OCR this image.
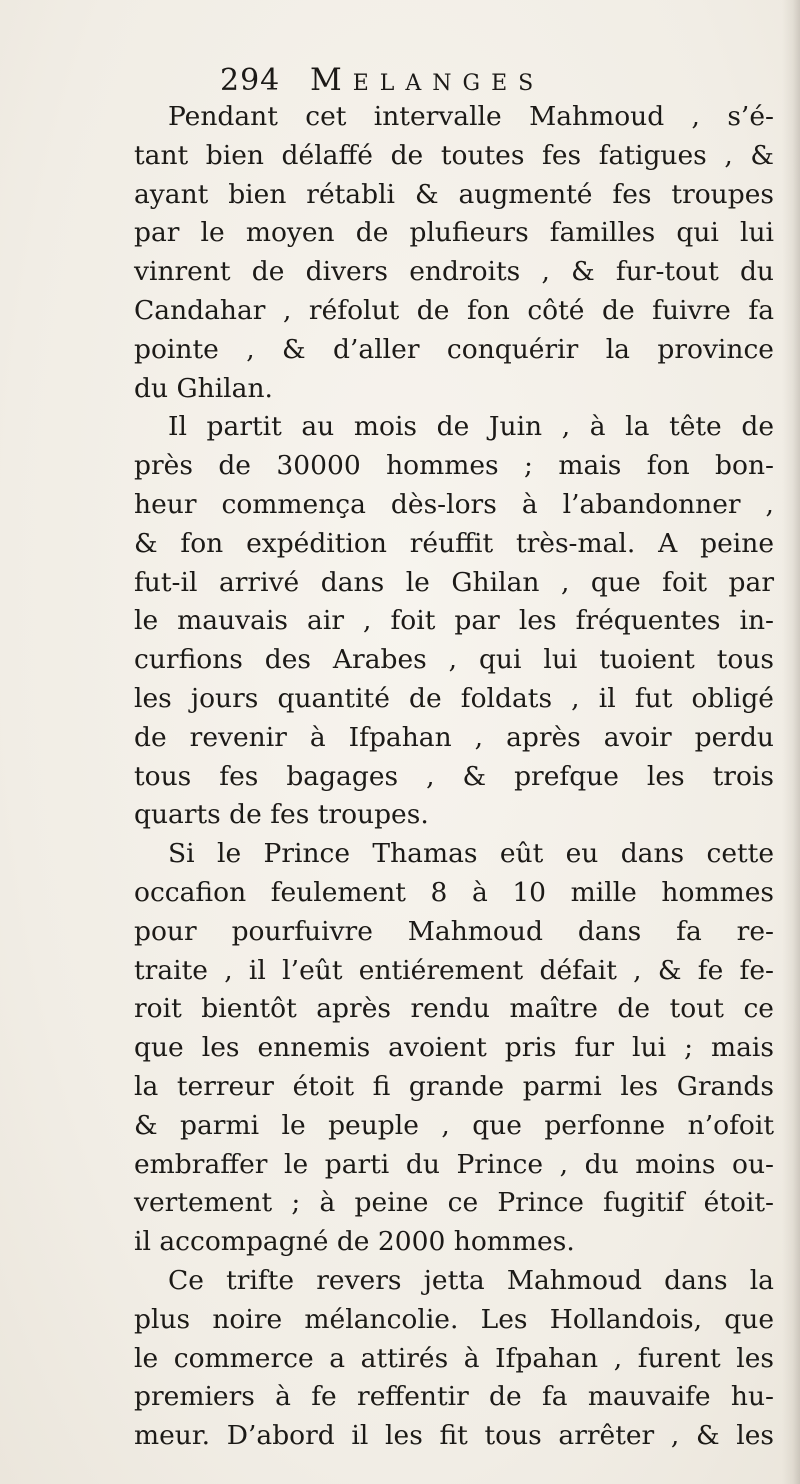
294 Melanges
Pendant cet intervalle Mahmoud , s’é-
tant bien délaffé de toutes fes fatigues , &
ayant bien rétabli & augmenté fes troupes
par le moyen de plufieurs familles qui lui
vinrent de divers endroits , & fur-tout du
Candahar , réfolut de fon côté de fuivre fa
pointe , & d’aller conquérir la province
du Ghilan.
Il partit au mois de Juin , à la tête de
près de 30000 hommes ; mais fon bon-
heur commença dès-lors à l’abandonner ,
& fon expédition réuffit très-mal. A peine
fut-il arrivé dans le Ghilan , que foit par
le mauvais air , foit par les fréquentes in-
curfions des Arabes , qui lui tuoient tous
les jours quantité de foldats , il fut obligé
de revenir à Ifpahan , après avoir perdu
tous fes bagages , & prefque les trois
quarts de fes troupes.
Si le Prince Thamas eût eu dans cette
occafion feulement 8 à 10 mille hommes
pour pourfuivre Mahmoud dans fa re-
traite , il l’eût entiérement défait , & fe fe-
roit bientôt après rendu maître de tout ce
que les ennemis avoient pris fur lui ; mais
la terreur étoit fi grande parmi les Grands
& parmi le peuple , que perfonne n’ofoit
embraffer le parti du Prince , du moins ou-
vertement ; à peine ce Prince fugitif étoit-
il accompagné de 2000 hommes.
Ce trifte revers jetta Mahmoud dans la
plus noire mélancolie. Les Hollandois, que
le commerce a attirés à Ifpahan , furent les
premiers à fe reffentir de fa mauvaife hu-
meur. D’abord il les fit tous arrêter , & les
